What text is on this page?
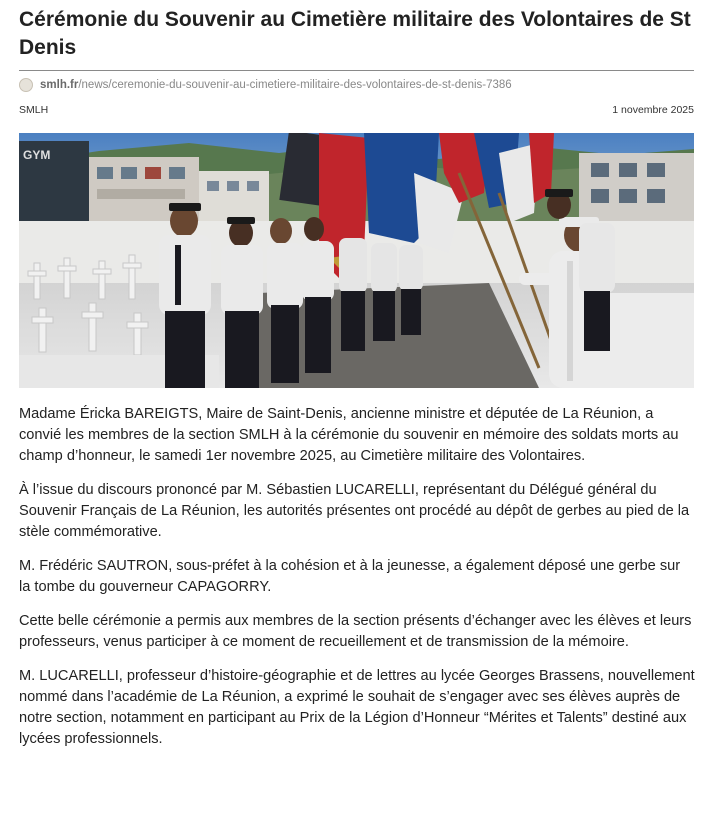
Cérémonie du Souvenir au Cimetière militaire des Volontaires de St Denis
smlh.fr /news/ceremonie-du-souvenir-au-cimetiere-militaire-des-volontaires-de-st-denis-7386
SMLH	1 novembre 2025
GYM

Madame Éricka BAREIGTS, Maire de Saint-Denis, ancienne ministre et députée de La Réunion, a convié les membres de la section SMLH à la cérémonie du souvenir en mémoire des soldats morts au champ d’honneur, le samedi 1er novembre 2025, au Cimetière militaire des Volontaires.

À l’issue du discours prononcé par M. Sébastien LUCARELLI, représentant du Délégué général du Souvenir Français de La Réunion, les autorités présentes ont procédé au dépôt de gerbes au pied de la stèle commémorative.

M. Frédéric SAUTRON, sous-préfet à la cohésion et à la jeunesse, a également déposé une gerbe sur la tombe du gouverneur CAPAGORRY.

Cette belle cérémonie a permis aux membres de la section présents d’échanger avec les élèves et leurs professeurs, venus participer à ce moment de recueillement et de transmission de la mémoire.

M. LUCARELLI, professeur d’histoire-géographie et de lettres au lycée Georges Brassens, nouvellement nommé dans l’académie de La Réunion, a exprimé le souhait de s’engager avec ses élèves auprès de notre section, notamment en participant au Prix de la Légion d’Honneur “Mérites et Talents” destiné aux lycées professionnels.
